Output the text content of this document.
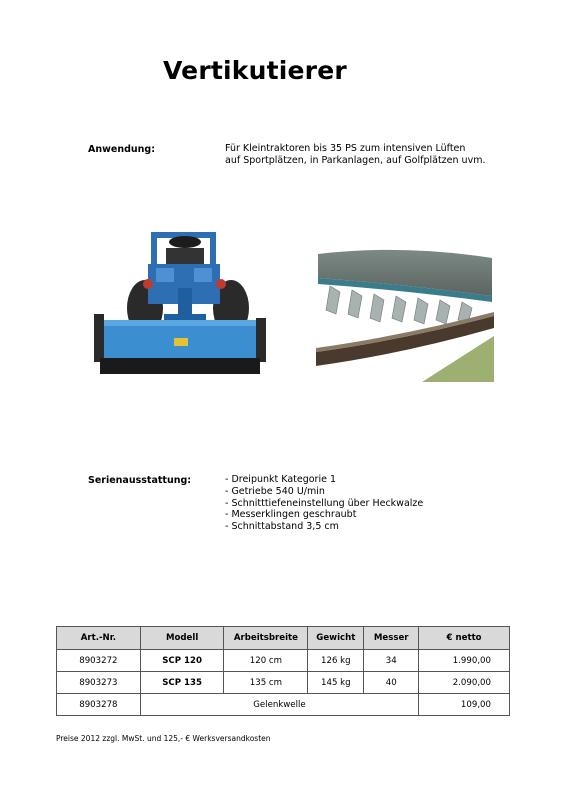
Vertikutierer
Anwendung:	Für Kleintraktoren bis 35 PS zum intensiven Lüften
auf Sportplätzen, in Parkanlagen, auf Golfplätzen uvm.
Serienausstattung:	- Dreipunkt Kategorie 1
- Getriebe 540 U/min
- Schnitttiefeneinstellung über Heckwalze
- Messerklingen geschraubt
- Schnittabstand 3,5 cm
Art.-Nr.	Modell	Arbeitsbreite	Gewicht	Messer	€ netto
8903272	SCP 120	120 cm	126 kg	34	1.990,00
8903273	SCP 135	135 cm	145 kg	40	2.090,00
8903278	Gelenkwelle				109,00
Preise 2012 zzgl. MwSt. und 125,- € Werksversandkosten
